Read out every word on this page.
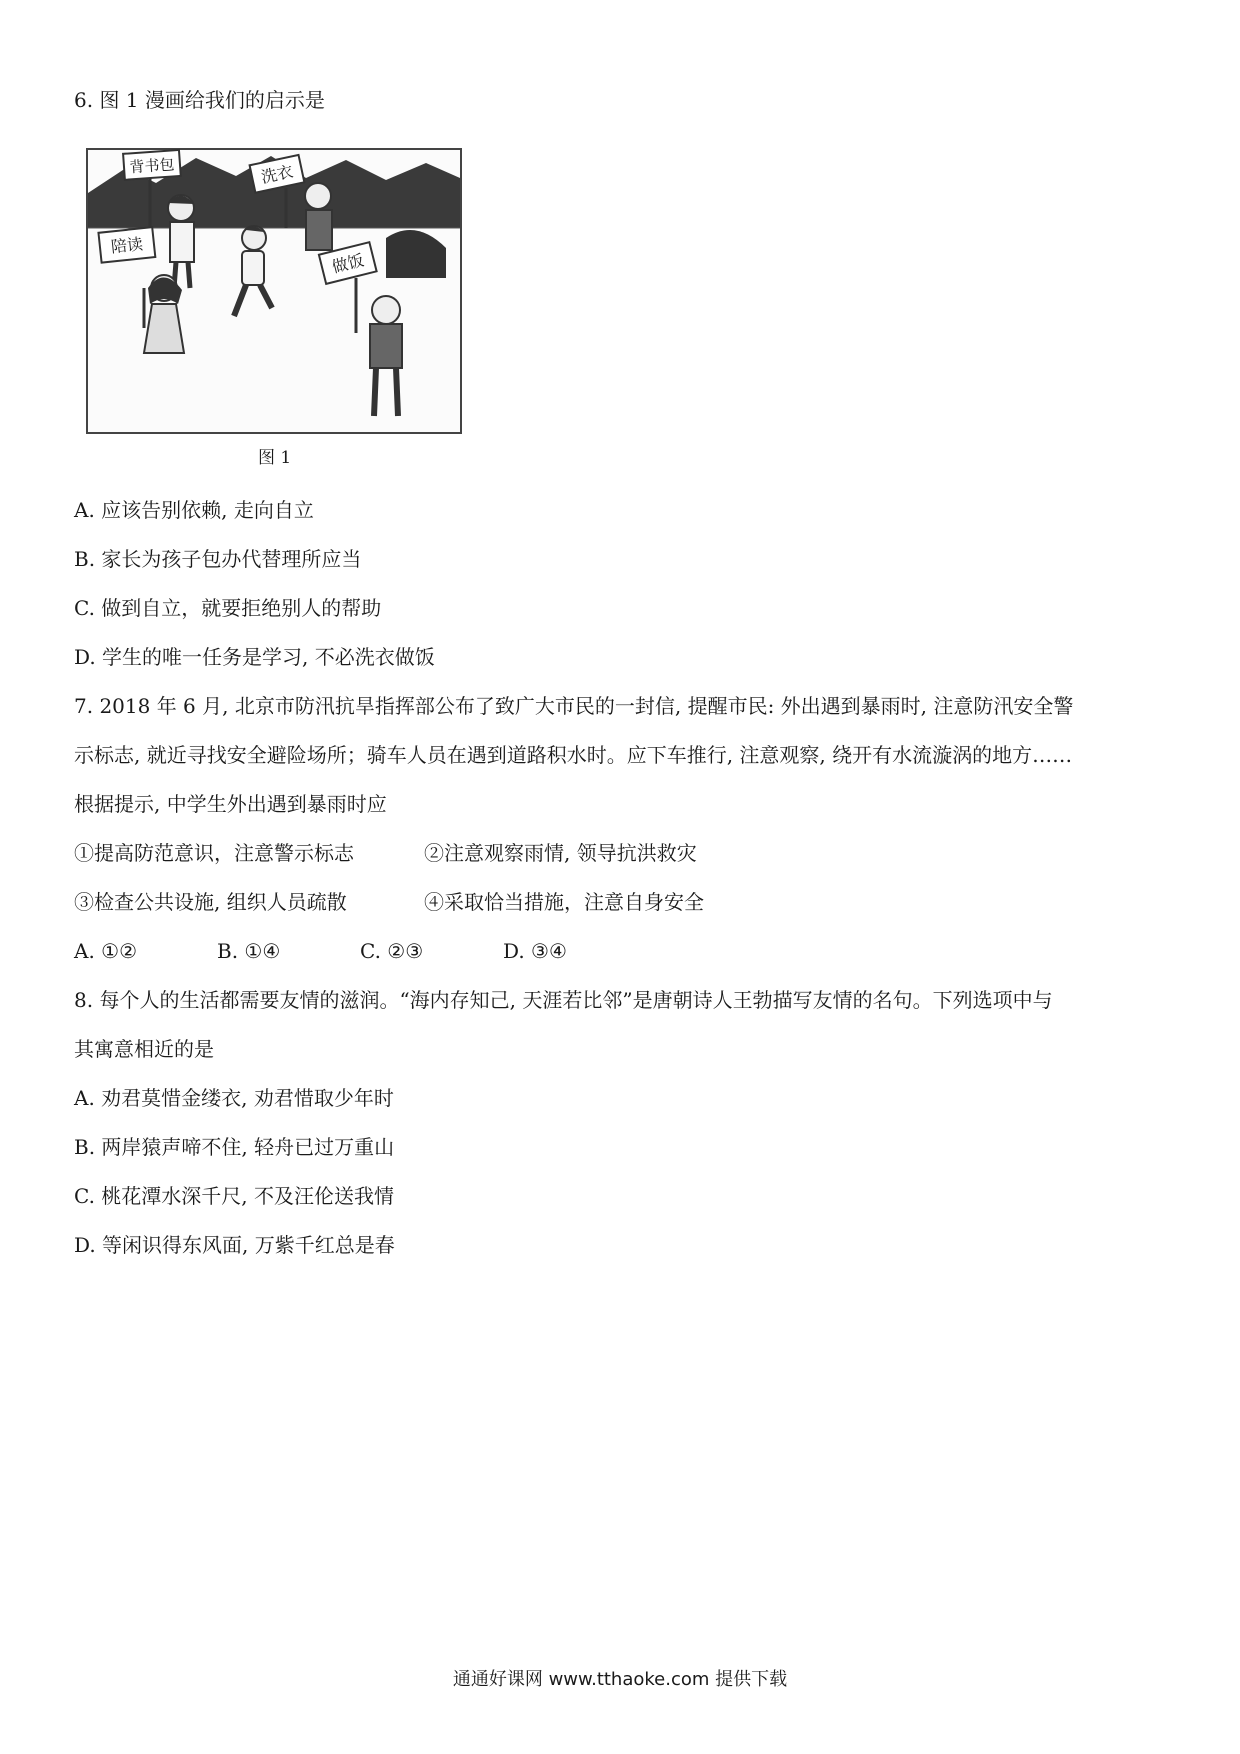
6. 图 1 漫画给我们的启示是
背书包	洗衣
陪读
做饭
图 1
A. 应该告别依赖, 走向自立
B. 家长为孩子包办代替理所应当
C. 做到自立，就要拒绝别人的帮助
D. 学生的唯一任务是学习, 不必洗衣做饭
7. 2018 年 6 月, 北京市防汛抗旱指挥部公布了致广大市民的一封信, 提醒市民: 外出遇到暴雨时, 注意防汛安全警
示标志, 就近寻找安全避险场所；骑车人员在遇到道路积水时。应下车推行, 注意观察, 绕开有水流漩涡的地方……
根据提示, 中学生外出遇到暴雨时应
①提高防范意识，注意警示标志	②注意观察雨情, 领导抗洪救灾
③检查公共设施, 组织人员疏散	④采取恰当措施，注意自身安全
A. ①②	B. ①④	C. ②③	D. ③④
8. 每个人的生活都需要友情的滋润。“海内存知己, 天涯若比邻”是唐朝诗人王勃描写友情的名句。下列选项中与
其寓意相近的是
A. 劝君莫惜金缕衣, 劝君惜取少年时
B. 两岸猿声啼不住, 轻舟已过万重山
C. 桃花潭水深千尺, 不及汪伦送我情
D. 等闲识得东风面, 万紫千红总是春
通通好课网 www.tthaoke.com 提供下载
